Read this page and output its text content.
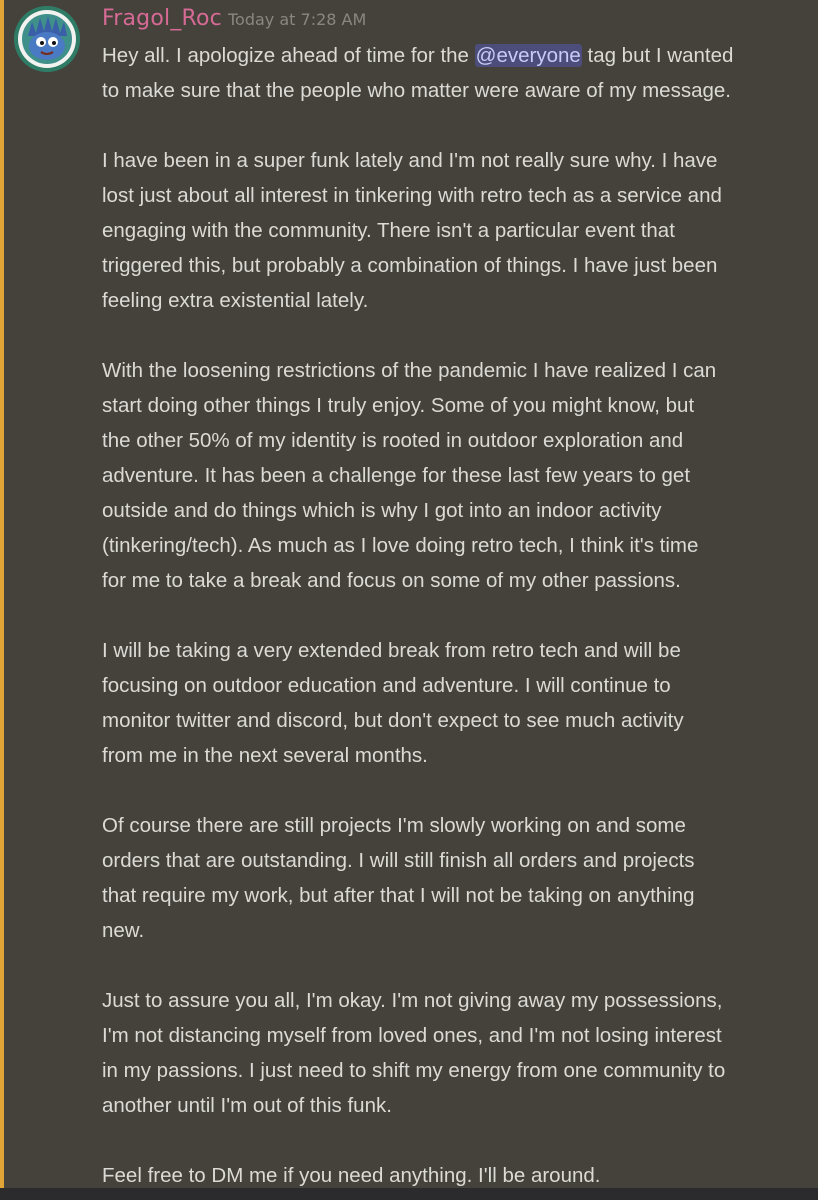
Fragol_Roc Today at 7:28 AM
Hey all. I apologize ahead of time for the @everyone tag but I wanted
to make sure that the people who matter were aware of my message.
I have been in a super funk lately and I'm not really sure why. I have
lost just about all interest in tinkering with retro tech as a service and
engaging with the community. There isn't a particular event that
triggered this, but probably a combination of things. I have just been
feeling extra existential lately.
With the loosening restrictions of the pandemic I have realized I can
start doing other things I truly enjoy. Some of you might know, but
the other 50% of my identity is rooted in outdoor exploration and
adventure. It has been a challenge for these last few years to get
outside and do things which is why I got into an indoor activity
(tinkering/tech). As much as I love doing retro tech, I think it's time
for me to take a break and focus on some of my other passions.
I will be taking a very extended break from retro tech and will be
focusing on outdoor education and adventure. I will continue to
monitor twitter and discord, but don't expect to see much activity
from me in the next several months.
Of course there are still projects I'm slowly working on and some
orders that are outstanding. I will still finish all orders and projects
that require my work, but after that I will not be taking on anything
new.
Just to assure you all, I'm okay. I'm not giving away my possessions,
I'm not distancing myself from loved ones, and I'm not losing interest
in my passions. I just need to shift my energy from one community to
another until I'm out of this funk.
Feel free to DM me if you need anything. I'll be around.
